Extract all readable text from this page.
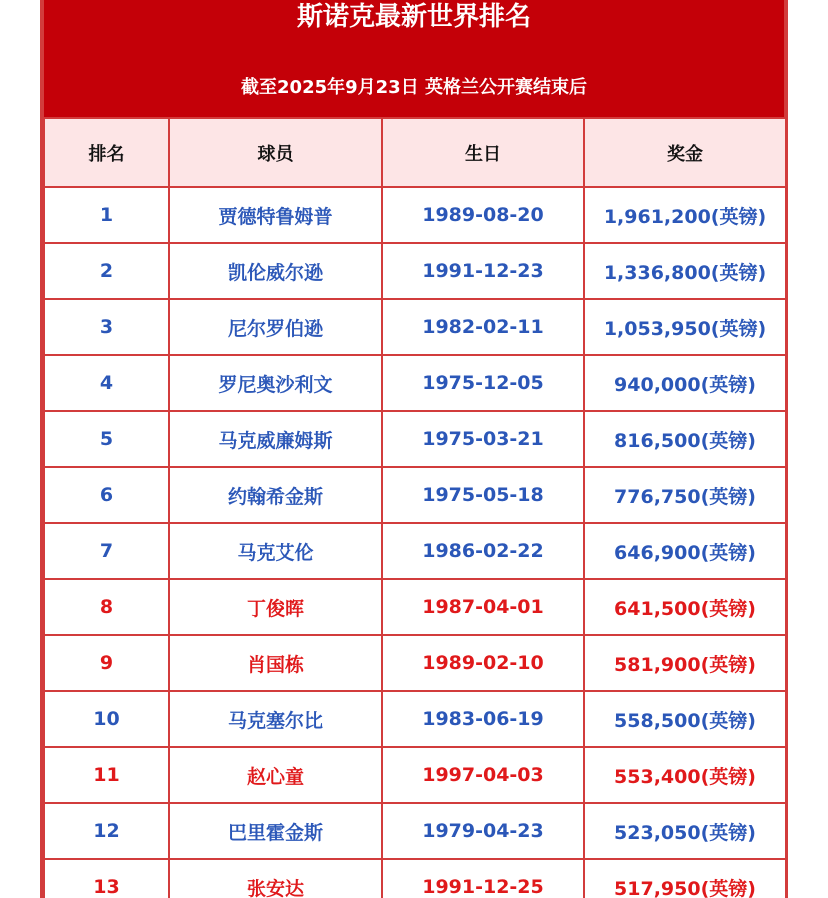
斯诺克最新世界排名
截至2025年9月23日 英格兰公开赛结束后
排名	球员	生日	奖金
1	贾德特鲁姆普	1989-08-20	1,961,200(英镑)
2	凯伦威尔逊	1991-12-23	1,336,800(英镑)
3	尼尔罗伯逊	1982-02-11	1,053,950(英镑)
4	罗尼奥沙利文	1975-12-05	940,000(英镑)
5	马克威廉姆斯	1975-03-21	816,500(英镑)
6	约翰希金斯	1975-05-18	776,750(英镑)
7	马克艾伦	1986-02-22	646,900(英镑)
8	丁俊晖	1987-04-01	641,500(英镑)
9	肖国栋	1989-02-10	581,900(英镑)
10	马克塞尔比	1983-06-19	558,500(英镑)
11	赵心童	1997-04-03	553,400(英镑)
12	巴里霍金斯	1979-04-23	523,050(英镑)
13	张安达	1991-12-25	517,950(英镑)
